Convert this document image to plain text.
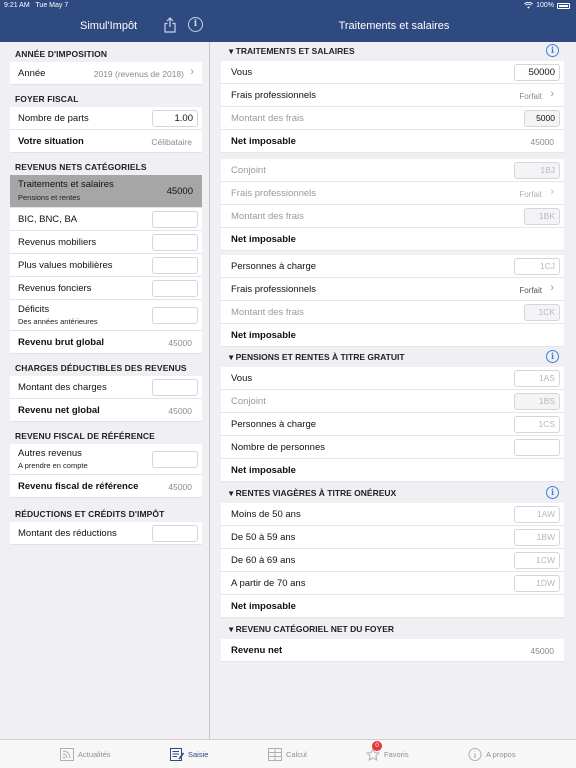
9:21 AM Tue May 7	100%
Simul'Impôt	i	Traitements et salaires
ANNÉE D'IMPOSITION
Année	2019 (revenus de 2018) ›
FOYER FISCAL
Nombre de parts	1.00
Votre situation	Célibataire
REVENUS NETS CATÉGORIELS
Traitements et salaires
Pensions et rentes
45000
BIC, BNC, BA
Revenus mobiliers
Plus values mobilières
Revenus fonciers
Déficits
Des années antérieures
Revenu brut global	45000
CHARGES DÉDUCTIBLES DES REVENUS
Montant des charges
Revenu net global	45000
REVENU FISCAL DE RÉFÉRENCE
Autres revenus
A prendre en compte
Revenu fiscal de référence	45000
RÉDUCTIONS ET CRÉDITS D'IMPÔT
Montant des réductions
▾ TRAITEMENTS ET SALAIRES	i
Vous	50000
Frais professionnels	Forfait ›
Montant des frais	5000
Net imposable	45000
Conjoint	1BJ
Frais professionnels	Forfait ›
Montant des frais	1BK
Net imposable
Personnes à charge	1CJ
Frais professionnels	Forfait ›
Montant des frais	1CK
Net imposable
▾ PENSIONS ET RENTES À TITRE GRATUIT	i
Vous	1AS
Conjoint	1BS
Personnes à charge	1CS
Nombre de personnes
Net imposable
▾ RENTES VIAGÈRES À TITRE ONÉREUX	i
Moins de 50 ans	1AW
De 50 à 59 ans	1BW
De 60 à 69 ans	1CW
A partir de 70 ans	1DW
Net imposable
▾ REVENU CATÉGORIEL NET DU FOYER
Revenu net	45000
Actualités	Saisie	Calcul
0
Favoris	A propos
